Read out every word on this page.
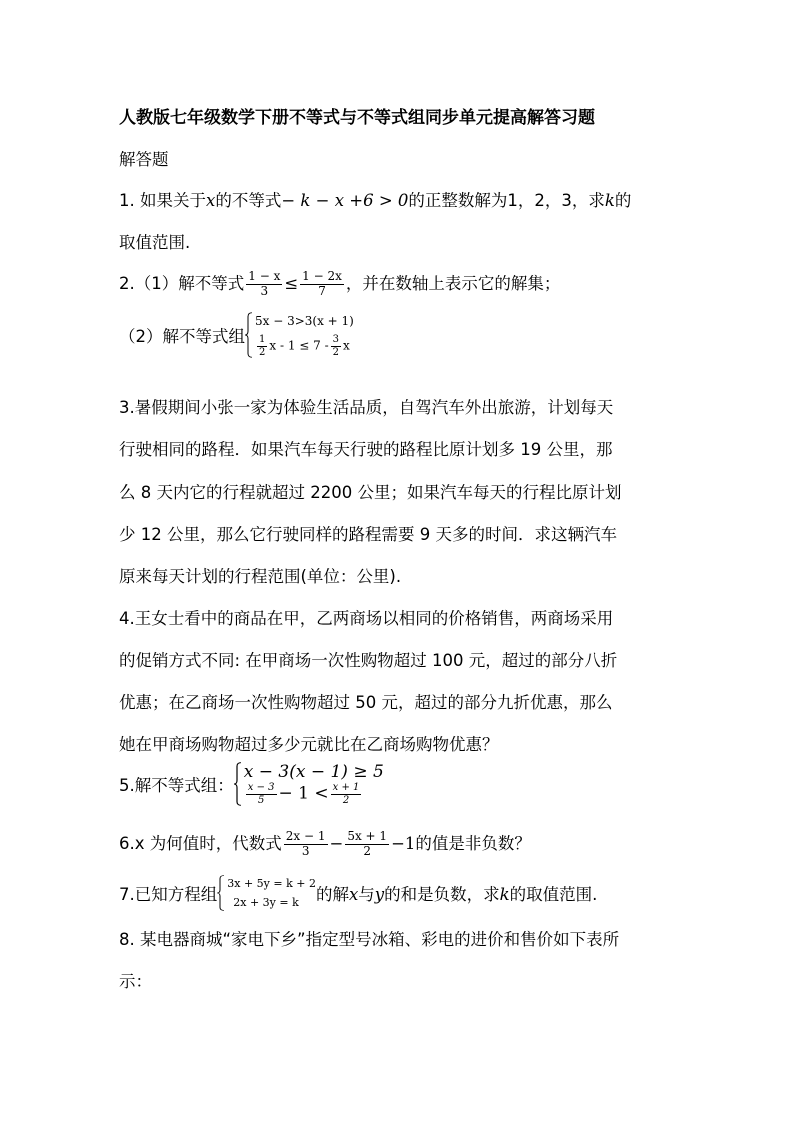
人教版七年级数学下册不等式与不等式组同步单元提高解答习题
解答题
1. 如果关于x的不等式− k − x +6 > 0的正整数解为1，2，3，求k的
取值范围.
2.（1）解不等式 $\frac{1 - x}{3} \le \frac{1 - 2x}{7}$ ，并在数轴上表示它的解集；
（2）解不等式组
5x − 3>3(x + 1)
$\frac{1}{2}$ $x - 1 \le 7 - \frac{3}{2}$ x
3.暑假期间小张一家为体验生活品质，自驾汽车外出旅游，计划每天
行驶相同的路程．如果汽车每天行驶的路程比原计划多 19 公里，那
么 8 天内它的行程就超过 2200 公里；如果汽车每天的行程比原计划
少 12 公里，那么它行驶同样的路程需要 9 天多的时间．求这辆汽车
原来每天计划的行程范围(单位：公里).
4.王女士看中的商品在甲，乙两商场以相同的价格销售，两商场采用
的促销方式不同: 在甲商场一次性购物超过 100 元，超过的部分八折
优惠；在乙商场一次性购物超过 50 元，超过的部分九折优惠，那么
她在甲商场购物超过多少元就比在乙商场购物优惠？
5.解不等式组：
x − 3(x − 1) ≥ 5
$\frac{x - 3}{5} - 1 < \frac{x + 1}{2}$
6.x 为何值时，代数式 $\frac{2x - 1}{3} - \frac{5x + 1}{2} -1$的值是非负数？
7.已知方程组
3x + 5y = k + 2
2x + 3y = k	的解x与y的和是负数，求k的取值范围.
8. 某电器商城“家电下乡”指定型号冰箱、彩电的进价和售价如下表所
示：
